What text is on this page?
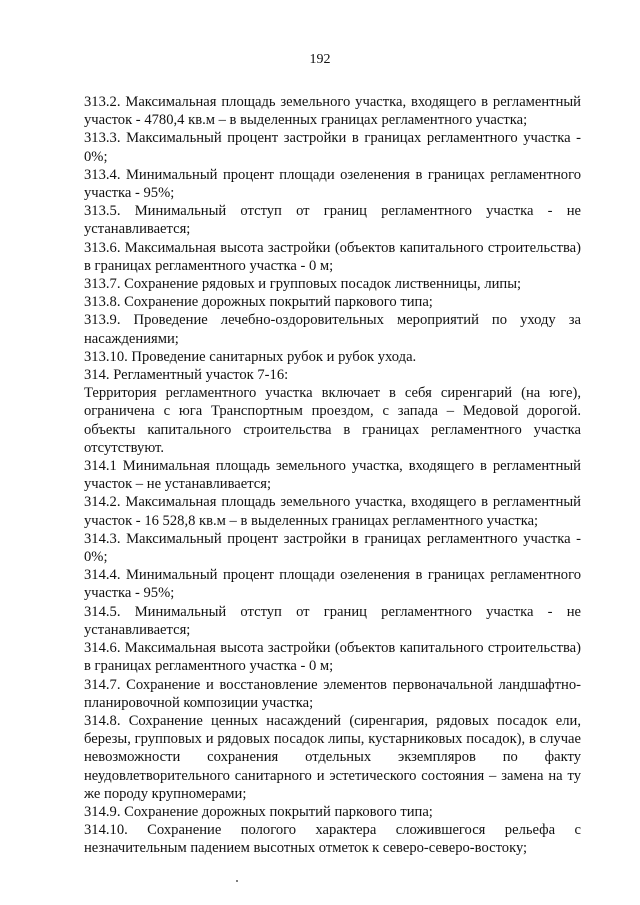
192

313.2. Максимальная площадь земельного участка, входящего в регламентный участок - 4780,4 кв.м – в выделенных границах регламентного участка;

313.3. Максимальный процент застройки в границах регламентного участка - 0%;

313.4. Минимальный процент площади озеленения в границах регламентного участка - 95%;

313.5. Минимальный отступ от границ регламентного участка - не устанавливается;

313.6. Максимальная высота застройки (объектов капитального строительства) в границах регламентного участка - 0 м;

313.7. Сохранение рядовых и групповых посадок лиственницы, липы;

313.8. Сохранение дорожных покрытий паркового типа;

313.9. Проведение лечебно-оздоровительных мероприятий по уходу за насаждениями;

313.10. Проведение санитарных рубок и рубок ухода.

314. Регламентный участок 7-16:

Территория регламентного участка включает в себя сиренгарий (на юге), ограничена с юга Транспортным проездом, с запада – Медовой дорогой. объекты капитального строительства в границах регламентного участка отсутствуют.

314.1 Минимальная площадь земельного участка, входящего в регламентный участок – не устанавливается;

314.2. Максимальная площадь земельного участка, входящего в регламентный участок - 16 528,8 кв.м – в выделенных границах регламентного участка;

314.3. Максимальный процент застройки в границах регламентного участка - 0%;

314.4. Минимальный процент площади озеленения в границах регламентного участка - 95%;

314.5. Минимальный отступ от границ регламентного участка - не устанавливается;

314.6. Максимальная высота застройки (объектов капитального строительства) в границах регламентного участка - 0 м;

314.7. Сохранение и восстановление элементов первоначальной ландшафтно-планировочной композиции участка;

314.8. Сохранение ценных насаждений (сиренгария, рядовых посадок ели, березы, групповых и рядовых посадок липы, кустарниковых посадок), в случае невозможности сохранения отдельных экземпляров по факту неудовлетворительного санитарного и эстетического состояния – замена на ту же породу крупномерами;

314.9. Сохранение дорожных покрытий паркового типа;

314.10. Сохранение пологого характера сложившегося рельефа с незначительным падением высотных отметок к северо-северо-востоку;
